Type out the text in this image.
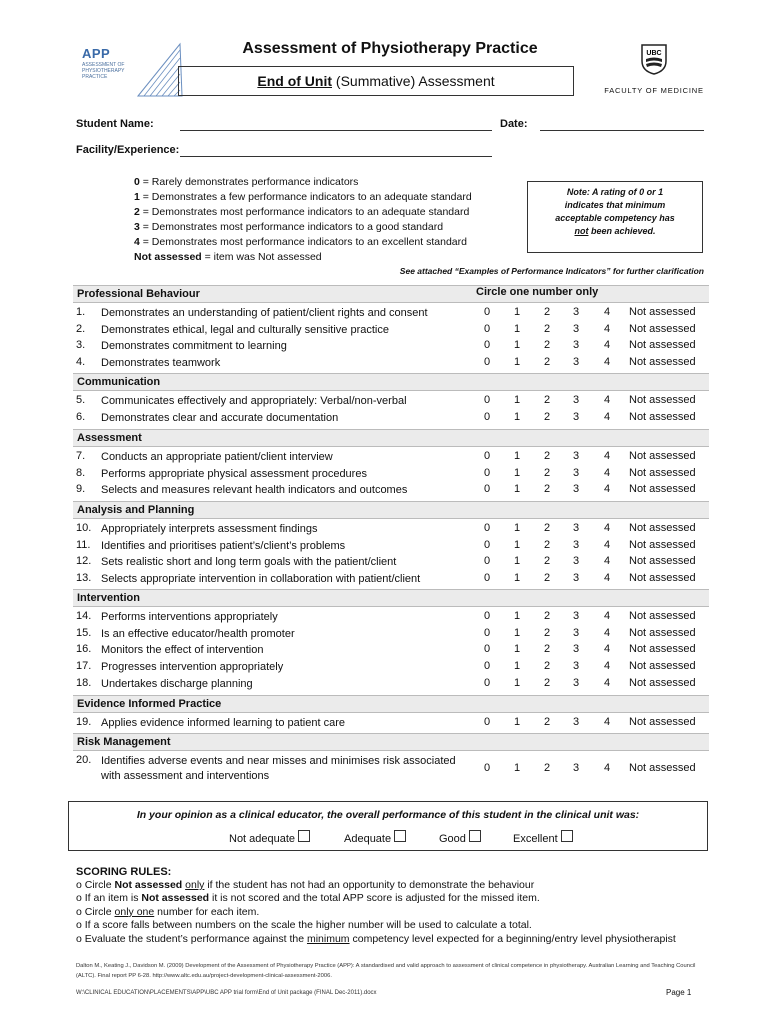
APP
ASSESSMENT OF PHYSIOTHERAPY PRACTICE
Assessment of Physiotherapy Practice
End of Unit (Summative) Assessment
UBC
FACULTY OF MEDICINE
Student Name:	Date:
Facility/Experience:
0 = Rarely demonstrates performance indicators
1 = Demonstrates a few performance indicators to an adequate standard
2 = Demonstrates most performance indicators to an adequate standard
3 = Demonstrates most performance indicators to a good standard
4 = Demonstrates most performance indicators to an excellent standard
Not assessed = item was Not assessed
Note: A rating of 0 or 1
indicates that minimum
acceptable competency has
not been achieved.
See attached “Examples of Performance Indicators” for further clarification
Circle one number only
Professional Behaviour
1.	Demonstrates an understanding of patient/client rights and consent	0 1 2 3 4 Not assessed
2.	Demonstrates ethical, legal and culturally sensitive practice	0 1 2 3 4 Not assessed
3.	Demonstrates commitment to learning	0 1 2 3 4 Not assessed
4.	Demonstrates teamwork	0 1 2 3 4 Not assessed
Communication
5.	Communicates effectively and appropriately: Verbal/non-verbal	0 1 2 3 4 Not assessed
6.	Demonstrates clear and accurate documentation	0 1 2 3 4 Not assessed
Assessment
7.	Conducts an appropriate patient/client interview	0 1 2 3 4 Not assessed
8.	Performs appropriate physical assessment procedures	0 1 2 3 4 Not assessed
9.	Selects and measures relevant health indicators and outcomes	0 1 2 3 4 Not assessed
Analysis and Planning
10. Appropriately interprets assessment findings	0 1 2 3 4 Not assessed
11. Identifies and prioritises patient’s/client’s problems	0 1 2 3 4 Not assessed
12. Sets realistic short and long term goals with the patient/client	0 1 2 3 4 Not assessed
13. Selects appropriate intervention in collaboration with patient/client	0 1 2 3 4 Not assessed
Intervention
14. Performs interventions appropriately	0 1 2 3 4 Not assessed
15. Is an effective educator/health promoter	0 1 2 3 4 Not assessed
16. Monitors the effect of intervention	0 1 2 3 4 Not assessed
17. Progresses intervention appropriately	0 1 2 3 4 Not assessed
18. Undertakes discharge planning	0 1 2 3 4 Not assessed
Evidence Informed Practice
19. Applies evidence informed learning to patient care	0 1 2 3 4 Not assessed
Risk Management
20. Identifies adverse events and near misses and minimises risk associated with assessment and interventions
0 1 2 3 4 Not assessed
In your opinion as a clinical educator, the overall performance of this student in the clinical unit was:
Not adequate	Adequate	Good	Excellent
SCORING RULES:
o Circle Not assessed only if the student has not had an opportunity to demonstrate the behaviour
o If an item is Not assessed it is not scored and the total APP score is adjusted for the missed item.
o Circle only one number for each item.
o If a score falls between numbers on the scale the higher number will be used to calculate a total.
o Evaluate the student’s performance against the minimum competency level expected for a beginning/entry level physiotherapist
Dalton M., Keating J., Davidson M. (2009) Development of the Assessment of Physiotherapy Practice (APP): A standardised and valid approach to assessment of clinical competence in physiotherapy. Australian Learning and Teaching Council (ALTC). Final report PP 6-28. http://www.altc.edu.au/project-development-clinical-assessment-2006.
W:\CLINICAL EDUCATION\PLACEMENTS\APP\UBC APP trial form\End of Unit package (FINAL Dec-2011).docx	Page 1
